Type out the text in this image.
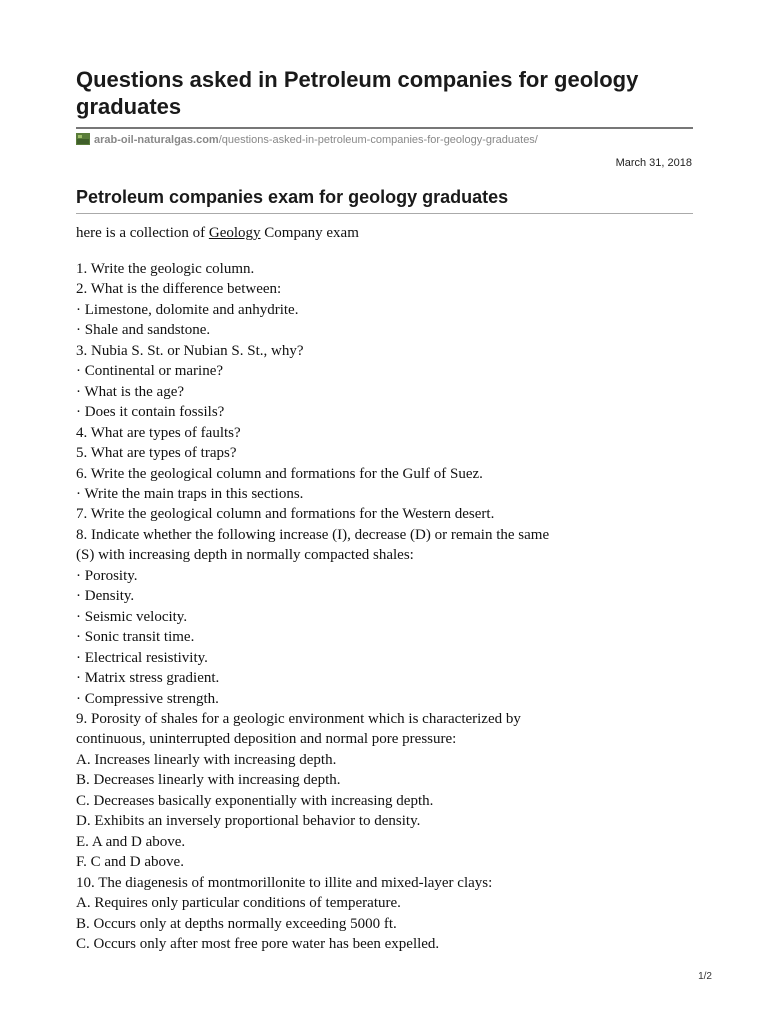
Questions asked in Petroleum companies for geology graduates
arab-oil-naturalgas.com/questions-asked-in-petroleum-companies-for-geology-graduates/
March 31, 2018
Petroleum companies exam for geology graduates
here is a collection of Geology Company exam
1. Write the geologic column.
2. What is the difference between:
· Limestone, dolomite and anhydrite.
· Shale and sandstone.
3. Nubia S. St. or Nubian S. St., why?
· Continental or marine?
· What is the age?
· Does it contain fossils?
4. What are types of faults?
5. What are types of traps?
6. Write the geological column and formations for the Gulf of Suez.
· Write the main traps in this sections.
7. Write the geological column and formations for the Western desert.
8. Indicate whether the following increase (I), decrease (D) or remain the same
(S) with increasing depth in normally compacted shales:
· Porosity.
· Density.
· Seismic velocity.
· Sonic transit time.
· Electrical resistivity.
· Matrix stress gradient.
· Compressive strength.
9. Porosity of shales for a geologic environment which is characterized by
continuous, uninterrupted deposition and normal pore pressure:
A. Increases linearly with increasing depth.
B. Decreases linearly with increasing depth.
C. Decreases basically exponentially with increasing depth.
D. Exhibits an inversely proportional behavior to density.
E. A and D above.
F. C and D above.
10. The diagenesis of montmorillonite to illite and mixed-layer clays:
A. Requires only particular conditions of temperature.
B. Occurs only at depths normally exceeding 5000 ft.
C. Occurs only after most free pore water has been expelled.
1/2
